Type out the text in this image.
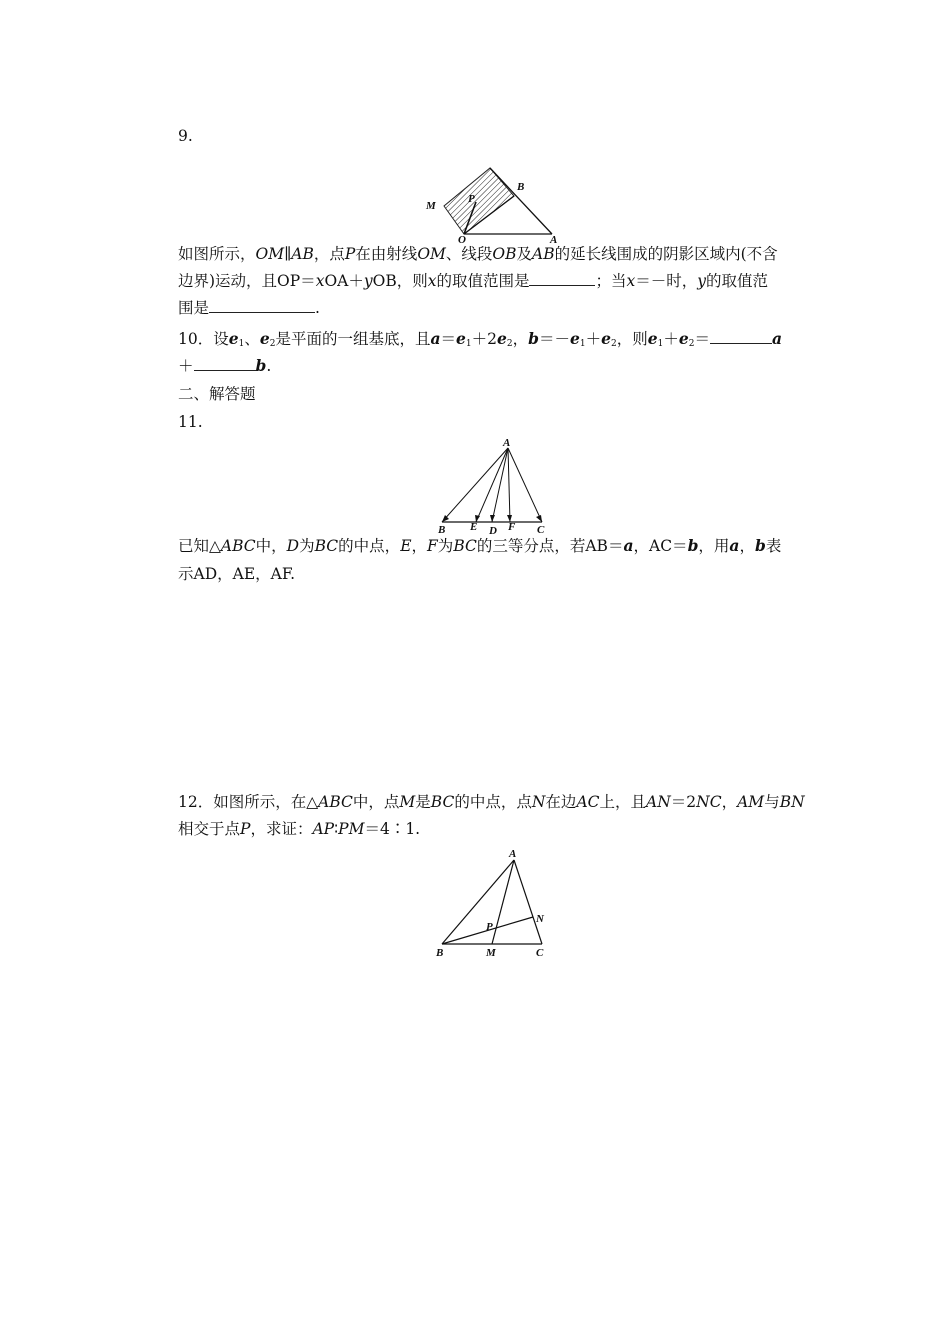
9.
M
P
B
O	A
如图所示，OM∥AB，点P在由射线OM、线段OB及AB的延长线围成的阴影区域内(不含
边界)运动，且OP＝xOA＋yOB，则x的取值范围是	；当x＝－时，y的取值范
围是	.
10．设$e_1$、$e_2$是平面的一组基底，且$a=e_1+2e_2$，$b=-e_1+e_2$，则$e_1+e_2=$	a
＋	b.
二、解答题
11.
A
B E D F C
已知△ABC中，D为BC的中点，E，F为BC的三等分点，若AB＝a，AC＝b，用a，b表
示AD，AE，AF.
12．如图所示，在△ABC中，点M是BC的中点，点N在边AC上，且AN＝2NC，AM与BN
相交于点P，求证：AP∶PM＝4∶1.
A
P
N
B	M	C
